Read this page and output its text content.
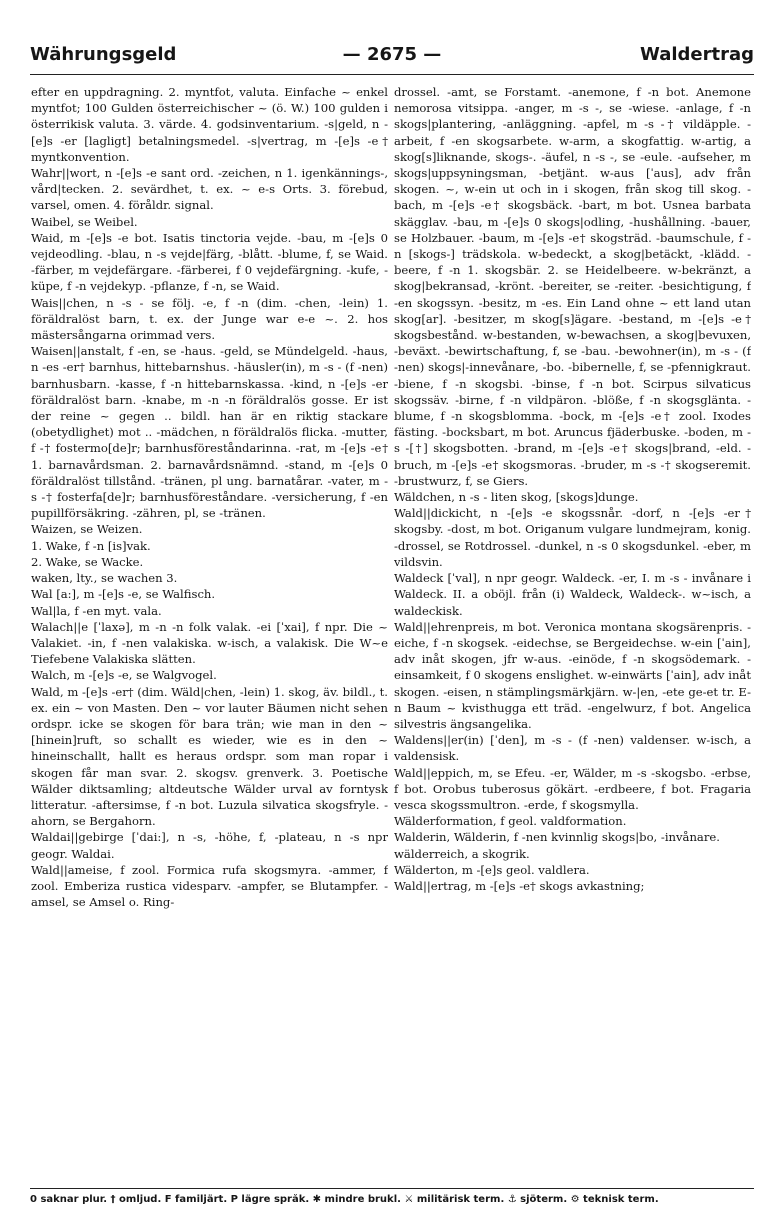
Währungsgeld	— 2675 —	Waldertrag

efter en uppdragning. 2. myntfot, valuta. Einfache ~ enkel myntfot; 100 Gulden österreichischer ~ (ö. W.) 100 gulden i österrikisk valuta. 3. värde. 4. godsinventarium. -s|geld, n -[e]s -er [lagligt] betalningsmedel. -s|vertrag, m -[e]s -e† myntkonvention.

Wahr||wort, n -[e]s -e sant ord. -zeichen, n 1. igenkännings-, vård|tecken. 2. sevärdhet, t. ex. ~ e-s Orts. 3. förebud, varsel, omen. 4. föråldr. signal.

Waibel, se Weibel.

Waid, m -[e]s -e bot. Isatis tinctoria vejde. -bau, m -[e]s 0 vejdeodling. -blau, n -s vejde|färg, -blått. -blume, f, se Waid. -färber, m vejdefärgare. -färberei, f 0 vejdefärgning. -kufe, -küpe, f -n vejdekyp. -pflanze, f -n, se Waid.

Wais||chen, n -s - se följ. -e, f -n (dim. -chen, -lein) 1. föräldralöst barn, t. ex. der Junge war e-e ~. 2. hos mästersångarna orimmad vers.

Waisen||anstalt, f -en, se -haus. -geld, se Mündelgeld. -haus, n -es -er† barnhus, hittebarnshus. -häusler(in), m -s - (f -nen) barnhusbarn. -kasse, f -n hittebarnskassa. -kind, n -[e]s -er föräldralöst barn. -knabe, m -n -n föräldralös gosse. Er ist der reine ~ gegen .. bildl. han är en riktig stackare (obetydlighet) mot .. -mädchen, n föräldralös flicka. -mutter, f -† fostermo[de]r; barnhusföreståndarinna. -rat, m -[e]s -e† 1. barnavårdsman. 2. barnavårdsnämnd. -stand, m -[e]s 0 föräldralöst tillstånd. -tränen, pl ung. barnatårar. -vater, m -s -† fosterfa[de]r; barnhusföreståndare. -versicherung, f -en pupillförsäkring. -zähren, pl, se -tränen.

Waizen, se Weizen.

1. Wake, f -n [is]vak.

2. Wake, se Wacke.

waken, lty., se wachen 3.

Wal [a:], m -[e]s -e, se Walfisch.

Wal|la, f -en myt. vala.

Walach||e [ˈlaxə], m -n -n folk valak. -ei [ˈxai], f npr. Die ~ Valakiet. -in, f -nen valakiska. w-isch, a valakisk. Die W~e Tiefebene Valakiska slätten.

Walch, m -[e]s -e, se Walgvogel.

Wald, m -[e]s -er† (dim. Wäld|chen, -lein) 1. skog, äv. bildl., t. ex. ein ~ von Masten. Den ~ vor lauter Bäumen nicht sehen ordspr. icke se skogen för bara trän; wie man in den ~ [hinein]ruft, so schallt es wieder, wie es in den ~ hineinschallt, hallt es heraus ordspr. som man ropar i skogen får man svar. 2. skogsv. grenverk. 3. Poetische Wälder diktsamling; altdeutsche Wälder urval av forntysk litteratur. -aftersimse, f -n bot. Luzula silvatica skogsfryle. -ahorn, se Bergahorn.

Waldai||gebirge [ˈdai:], n -s, -höhe, f, -plateau, n -s npr geogr. Waldai.

Wald||ameise, f zool. Formica rufa skogsmyra. -ammer, f zool. Emberiza rustica videsparv. -ampfer, se Blutampfer. -amsel, se Amsel o. Ring-

drossel. -amt, se Forstamt. -anemone, f -n bot. Anemone nemorosa vitsippa. -anger, m -s -, se -wiese. -anlage, f -n skogs|plantering, -anläggning. -apfel, m -s -† vildäpple. -arbeit, f -en skogsarbete. w-arm, a skogfattig. w-artig, a skog[s]liknande, skogs-. -äufel, n -s -, se -eule. -aufseher, m skogs|uppsyningsman, -betjänt. w-aus [ˈaus], adv från skogen. ~, w-ein ut och in i skogen, från skog till skog. -bach, m -[e]s -e† skogsbäck. -bart, m bot. Usnea barbata skägglav. -bau, m -[e]s 0 skogs|odling, -hushållning. -bauer, se Holzbauer. -baum, m -[e]s -e† skogsträd. -baumschule, f -n [skogs-] trädskola. w-bedeckt, a skog|betäckt, -klädd. -beere, f -n 1. skogsbär. 2. se Heidelbeere. w-bekränzt, a skog|bekransad, -krönt. -bereiter, se -reiter. -besichtigung, f -en skogssyn. -besitz, m -es. Ein Land ohne ~ ett land utan skog[ar]. -besitzer, m skog[s]ägare. -bestand, m -[e]s -e† skogsbestånd. w-bestanden, w-bewachsen, a skog|bevuxen, -beväxt. -bewirtschaftung, f, se -bau. -bewohner(in), m -s - (f -nen) skogs|-innevånare, -bo. -bibernelle, f, se -pfennigkraut. -biene, f -n skogsbi. -binse, f -n bot. Scirpus silvaticus skogssäv. -birne, f -n vildpäron. -blöße, f -n skogsglänta. -blume, f -n skogsblomma. -bock, m -[e]s -e† zool. Ixodes fästing. -bocksbart, m bot. Aruncus fjäderbuske. -boden, m -s -[†] skogsbotten. -brand, m -[e]s -e† skogs|brand, -eld. -bruch, m -[e]s -e† skogsmoras. -bruder, m -s -† skogseremit. -brustwurz, f, se Giers.

Wäldchen, n -s - liten skog, [skogs]dunge.

Wald||dickicht, n -[e]s -e skogssnår. -dorf, n -[e]s -er† skogsby. -dost, m bot. Origanum vulgare lundmejram, konig. -drossel, se Rotdrossel. -dunkel, n -s 0 skogsdunkel. -eber, m vildsvin.

Waldeck [ˈval], n npr geogr. Waldeck. -er, I. m -s - invånare i Waldeck. II. a oböjl. från (i) Waldeck, Waldeck-. w~isch, a waldeckisk.

Wald||ehrenpreis, m bot. Veronica montana skogsärenpris. -eiche, f -n skogsek. -eidechse, se Bergeidechse. w-ein [ˈain], adv inåt skogen, jfr w-aus. -einöde, f -n skogsödemark. -einsamkeit, f 0 skogens enslighet. w-einwärts [ˈain], adv inåt skogen. -eisen, n stämplingsmärkjärn. w-|en, -ete ge-et tr. E-n Baum ~ kvisthugga ett träd. -engelwurz, f bot. Angelica silvestris ängsangelika.

Waldens||er(in) [ˈden], m -s - (f -nen) valdenser. w-isch, a valdensisk.

Wald||eppich, m, se Efeu. -er, Wälder, m -s -skogsbo. -erbse, f bot. Orobus tuberosus gökärt. -erdbeere, f bot. Fragaria vesca skogssmultron. -erde, f skogsmylla.

Wälderformation, f geol. valdformation.

Walderin, Wälderin, f -nen kvinnlig skogs|bo, -invånare.

wälderreich, a skogrik.

Wälderton, m -[e]s geol. valdlera.

Wald||ertrag, m -[e]s -e† skogs avkastning;

0 saknar plur. † omljud. F familjärt. P lägre språk. ✱ mindre brukl. ⚔ militärisk term. ⚓ sjöterm. ⚙ teknisk term.
